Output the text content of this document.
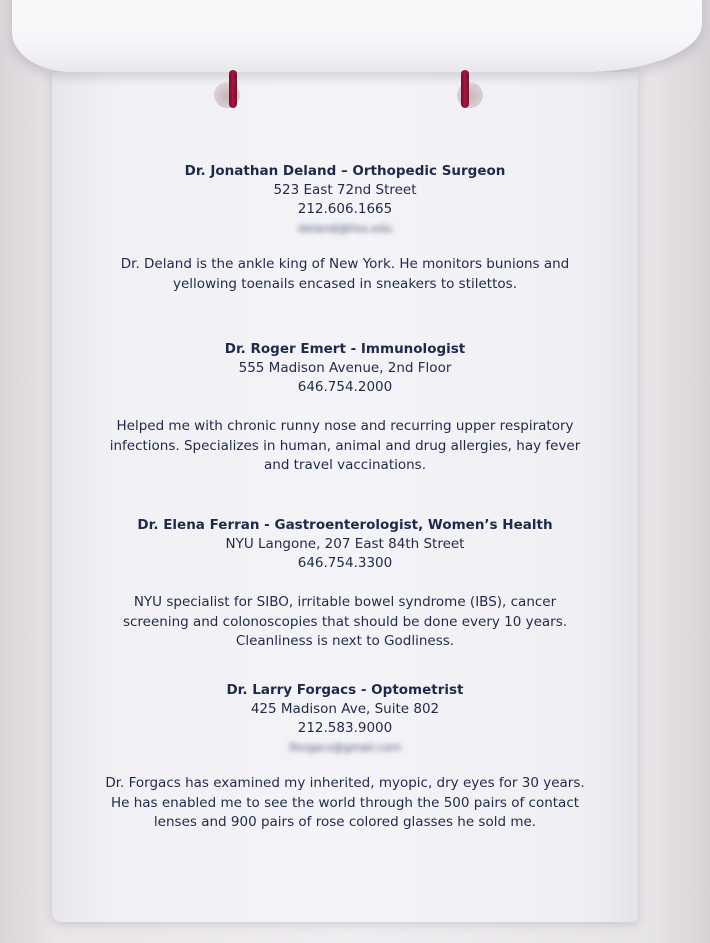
Dr. Jonathan Deland – Orthopedic Surgeon
523 East 72nd Street
212.606.1665
delandj@hss.edu
Dr. Deland is the ankle king of New York. He monitors bunions and
yellowing toenails encased in sneakers to stilettos.
Dr. Roger Emert - Immunologist
555 Madison Avenue, 2nd Floor
646.754.2000
Helped me with chronic runny nose and recurring upper respiratory
infections. Specializes in human, animal and drug allergies, hay fever
and travel vaccinations.
Dr. Elena Ferran - Gastroenterologist, Women’s Health
NYU Langone, 207 East 84th Street
646.754.3300
NYU specialist for SIBO, irritable bowel syndrome (IBS), cancer
screening and colonoscopies that should be done every 10 years.
Cleanliness is next to Godliness.
Dr. Larry Forgacs - Optometrist
425 Madison Ave, Suite 802
212.583.9000
lforgacs@gmail.com
Dr. Forgacs has examined my inherited, myopic, dry eyes for 30 years.
He has enabled me to see the world through the 500 pairs of contact
lenses and 900 pairs of rose colored glasses he sold me.
